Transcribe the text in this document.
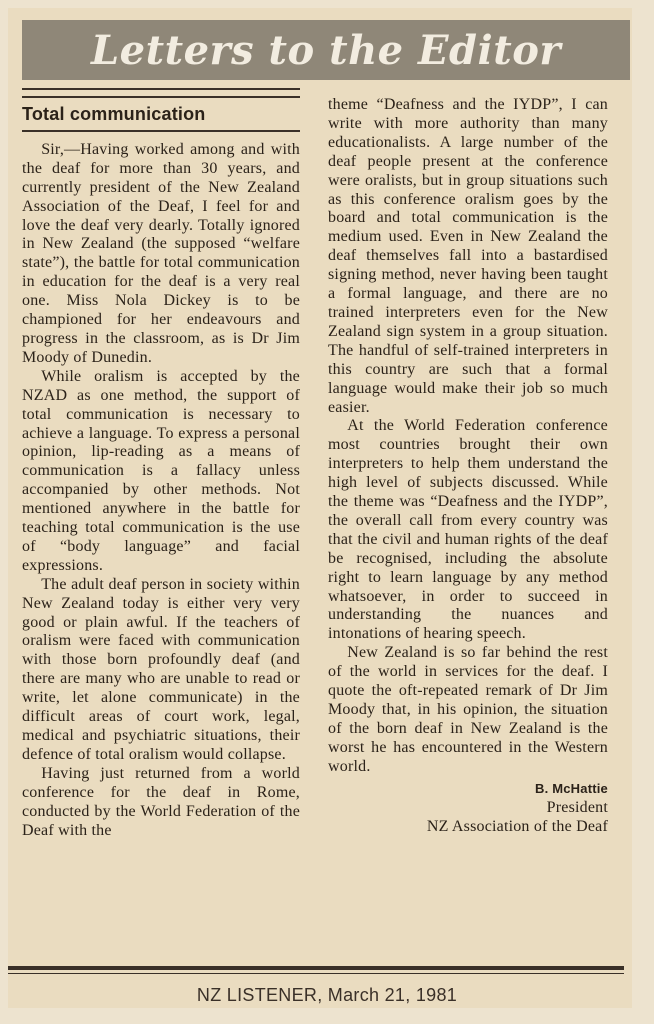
Letters to the Editor
Total communication

Sir,—Having worked among and with the deaf for more than 30 years, and currently president of the New Zealand Association of the Deaf, I feel for and love the deaf very dearly. Totally ignored in New Zealand (the supposed “welfare state”), the battle for total communication in education for the deaf is a very real one. Miss Nola Dickey is to be championed for her endeavours and progress in the classroom, as is Dr Jim Moody of Dunedin.

While oralism is accepted by the NZAD as one method, the support of total communication is necessary to achieve a language. To express a personal opinion, lip-reading as a means of communication is a fallacy unless accompanied by other methods. Not mentioned anywhere in the battle for teaching total communication is the use of “body language” and facial expressions.

The adult deaf person in society within New Zealand today is either very very good or plain awful. If the teachers of oralism were faced with communication with those born profoundly deaf (and there are many who are unable to read or write, let alone communicate) in the difficult areas of court work, legal, medical and psychiatric situations, their defence of total oralism would collapse.

Having just returned from a world conference for the deaf in Rome, conducted by the World Federation of the Deaf with the

theme “Deafness and the IYDP”, I can write with more authority than many educationalists. A large number of the deaf people present at the conference were oralists, but in group situations such as this conference oralism goes by the board and total communication is the medium used. Even in New Zealand the deaf themselves fall into a bastardised signing method, never having been taught a formal language, and there are no trained interpreters even for the New Zealand sign system in a group situation. The handful of self-trained interpreters in this country are such that a formal language would make their job so much easier.

At the World Federation conference most countries brought their own interpreters to help them understand the high level of subjects discussed. While the theme was “Deafness and the IYDP”, the overall call from every country was that the civil and human rights of the deaf be recognised, including the absolute right to learn language by any method whatsoever, in order to succeed in understanding the nuances and intonations of hearing speech.

New Zealand is so far behind the rest of the world in services for the deaf. I quote the oft-repeated remark of Dr Jim Moody that, in his opinion, the situation of the born deaf in New Zealand is the worst he has encountered in the Western world.

B. McHattie
President
NZ Association of the Deaf
NZ LISTENER, March 21, 1981
